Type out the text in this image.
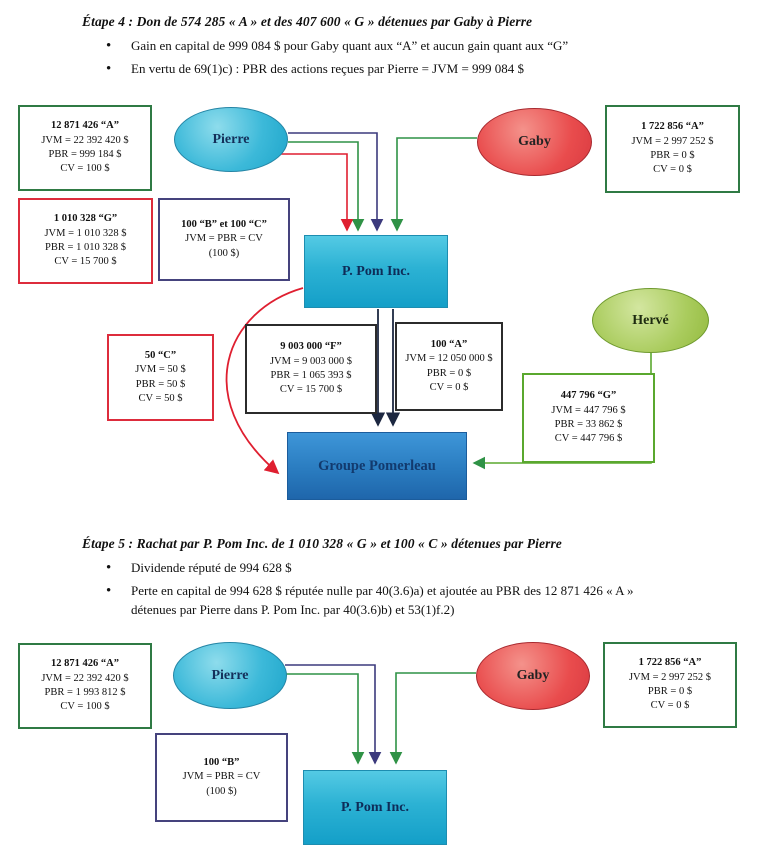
Étape 4 : Don de 574 285 « A » et des 407 600 « G » détenues par Gaby à Pierre
• Gain en capital de 999 084 $ pour Gaby quant aux “A” et aucun gain quant aux “G”
• En vertu de 69(1)c) : PBR des actions reçues par Pierre = JVM = 999 084 $
12 871 426 “A”
JVM = 22 392 420 $
PBR = 999 184 $
CV = 100 $
1 010 328 “G”
JVM = 1 010 328 $
PBR = 1 010 328 $
CV = 15 700 $
100 “B” et 100 “C”
JVM = PBR = CV
(100 $)
1 722 856 “A”
JVM = 2 997 252 $
PBR = 0 $
CV = 0 $
50 “C”
JVM = 50 $
PBR = 50 $
CV = 50 $
9 003 000 “F”
JVM = 9 003 000 $
PBR = 1 065 393 $
CV = 15 700 $
100 “A”
JVM = 12 050 000 $
PBR = 0 $
CV = 0 $
447 796 “G”
JVM = 447 796 $
PBR = 33 862 $
CV = 447 796 $
Pierre	Gaby
Hervé
P. Pom Inc.
Groupe Pomerleau
Étape 5 : Rachat par P. Pom Inc. de 1 010 328 « G » et 100 « C » détenues par Pierre
• Dividende réputé de 994 628 $
• Perte en capital de 994 628 $ réputée nulle par 40(3.6)a) et ajoutée au PBR des 12 871 426 « A » détenues par Pierre dans P. Pom Inc. par 40(3.6)b) et 53(1)f.2)
12 871 426 “A”
JVM = 22 392 420 $
PBR = 1 993 812 $
CV = 100 $
100 “B”
JVM = PBR = CV
(100 $)
1 722 856 “A”
JVM = 2 997 252 $
PBR = 0 $
CV = 0 $
Pierre	Gaby
P. Pom Inc.
